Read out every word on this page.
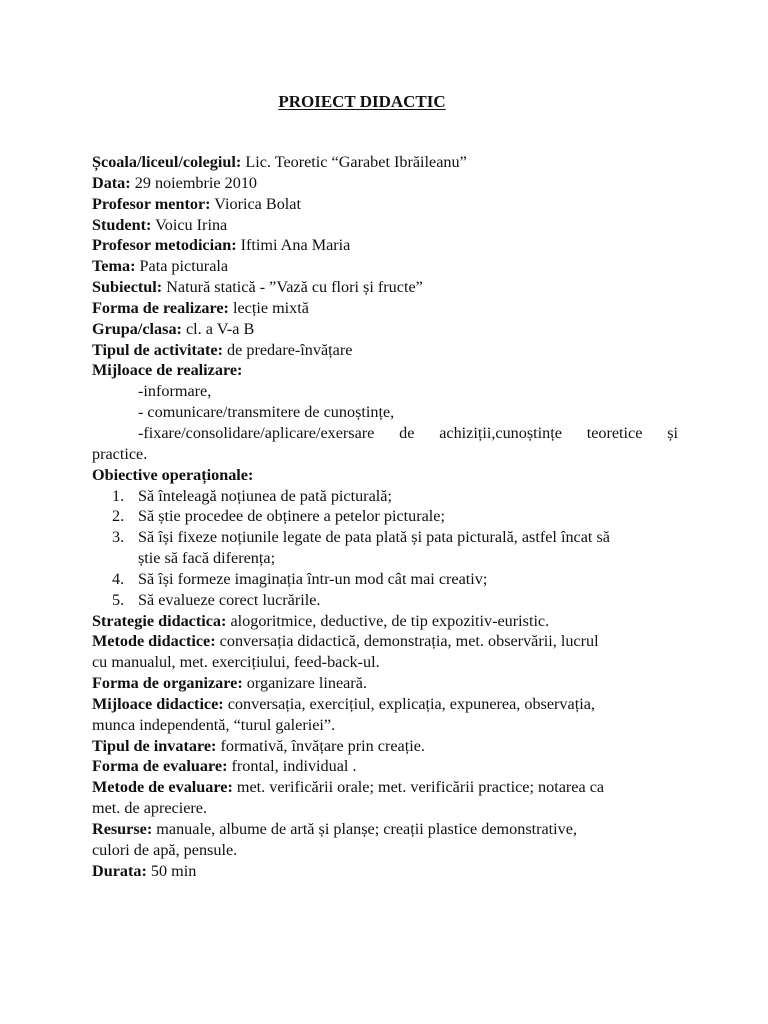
PROIECT DIDACTIC
Școala/liceul/colegiul: Lic. Teoretic “Garabet Ibrăileanu”
Data: 29 noiembrie 2010
Profesor mentor: Viorica Bolat
Student: Voicu Irina
Profesor metodician: Iftimi Ana Maria
Tema: Pata picturala
Subiectul: Natură statică - ”Vază cu flori și fructe”
Forma de realizare: lecție mixtă
Grupa/clasa: cl. a V-a B
Tipul de activitate: de predare-învățare
Mijloace de realizare:
-informare,
- comunicare/transmitere de cunoștințe,
-fixare/consolidare/aplicare/exersare de achiziții,cunoștințe teoretice și
practice.
Obiective operaționale:
1. Să înteleagă noțiunea de pată picturală;
2. Să știe procedee de obținere a petelor picturale;
3. Să își fixeze noțiunile legate de pata plată și pata picturală, astfel încat să
știe să facă diferența;
4. Să își formeze imaginația într-un mod cât mai creativ;
5. Să evalueze corect lucrările.
Strategie didactica: alogoritmice, deductive, de tip expozitiv-euristic.
Metode didactice: conversația didactică, demonstrația, met. observării, lucrul
cu manualul, met. exercițiului, feed-back-ul.
Forma de organizare: organizare lineară.
Mijloace didactice: conversația, exercițiul, explicația, expunerea, observația,
munca independentă, “turul galeriei”.
Tipul de invatare: formativă, învățare prin creație.
Forma de evaluare: frontal, individual .
Metode de evaluare: met. verificării orale; met. verificării practice; notarea ca
met. de apreciere.
Resurse: manuale, albume de artă și planșe; creații plastice demonstrative,
culori de apă, pensule.
Durata: 50 min
